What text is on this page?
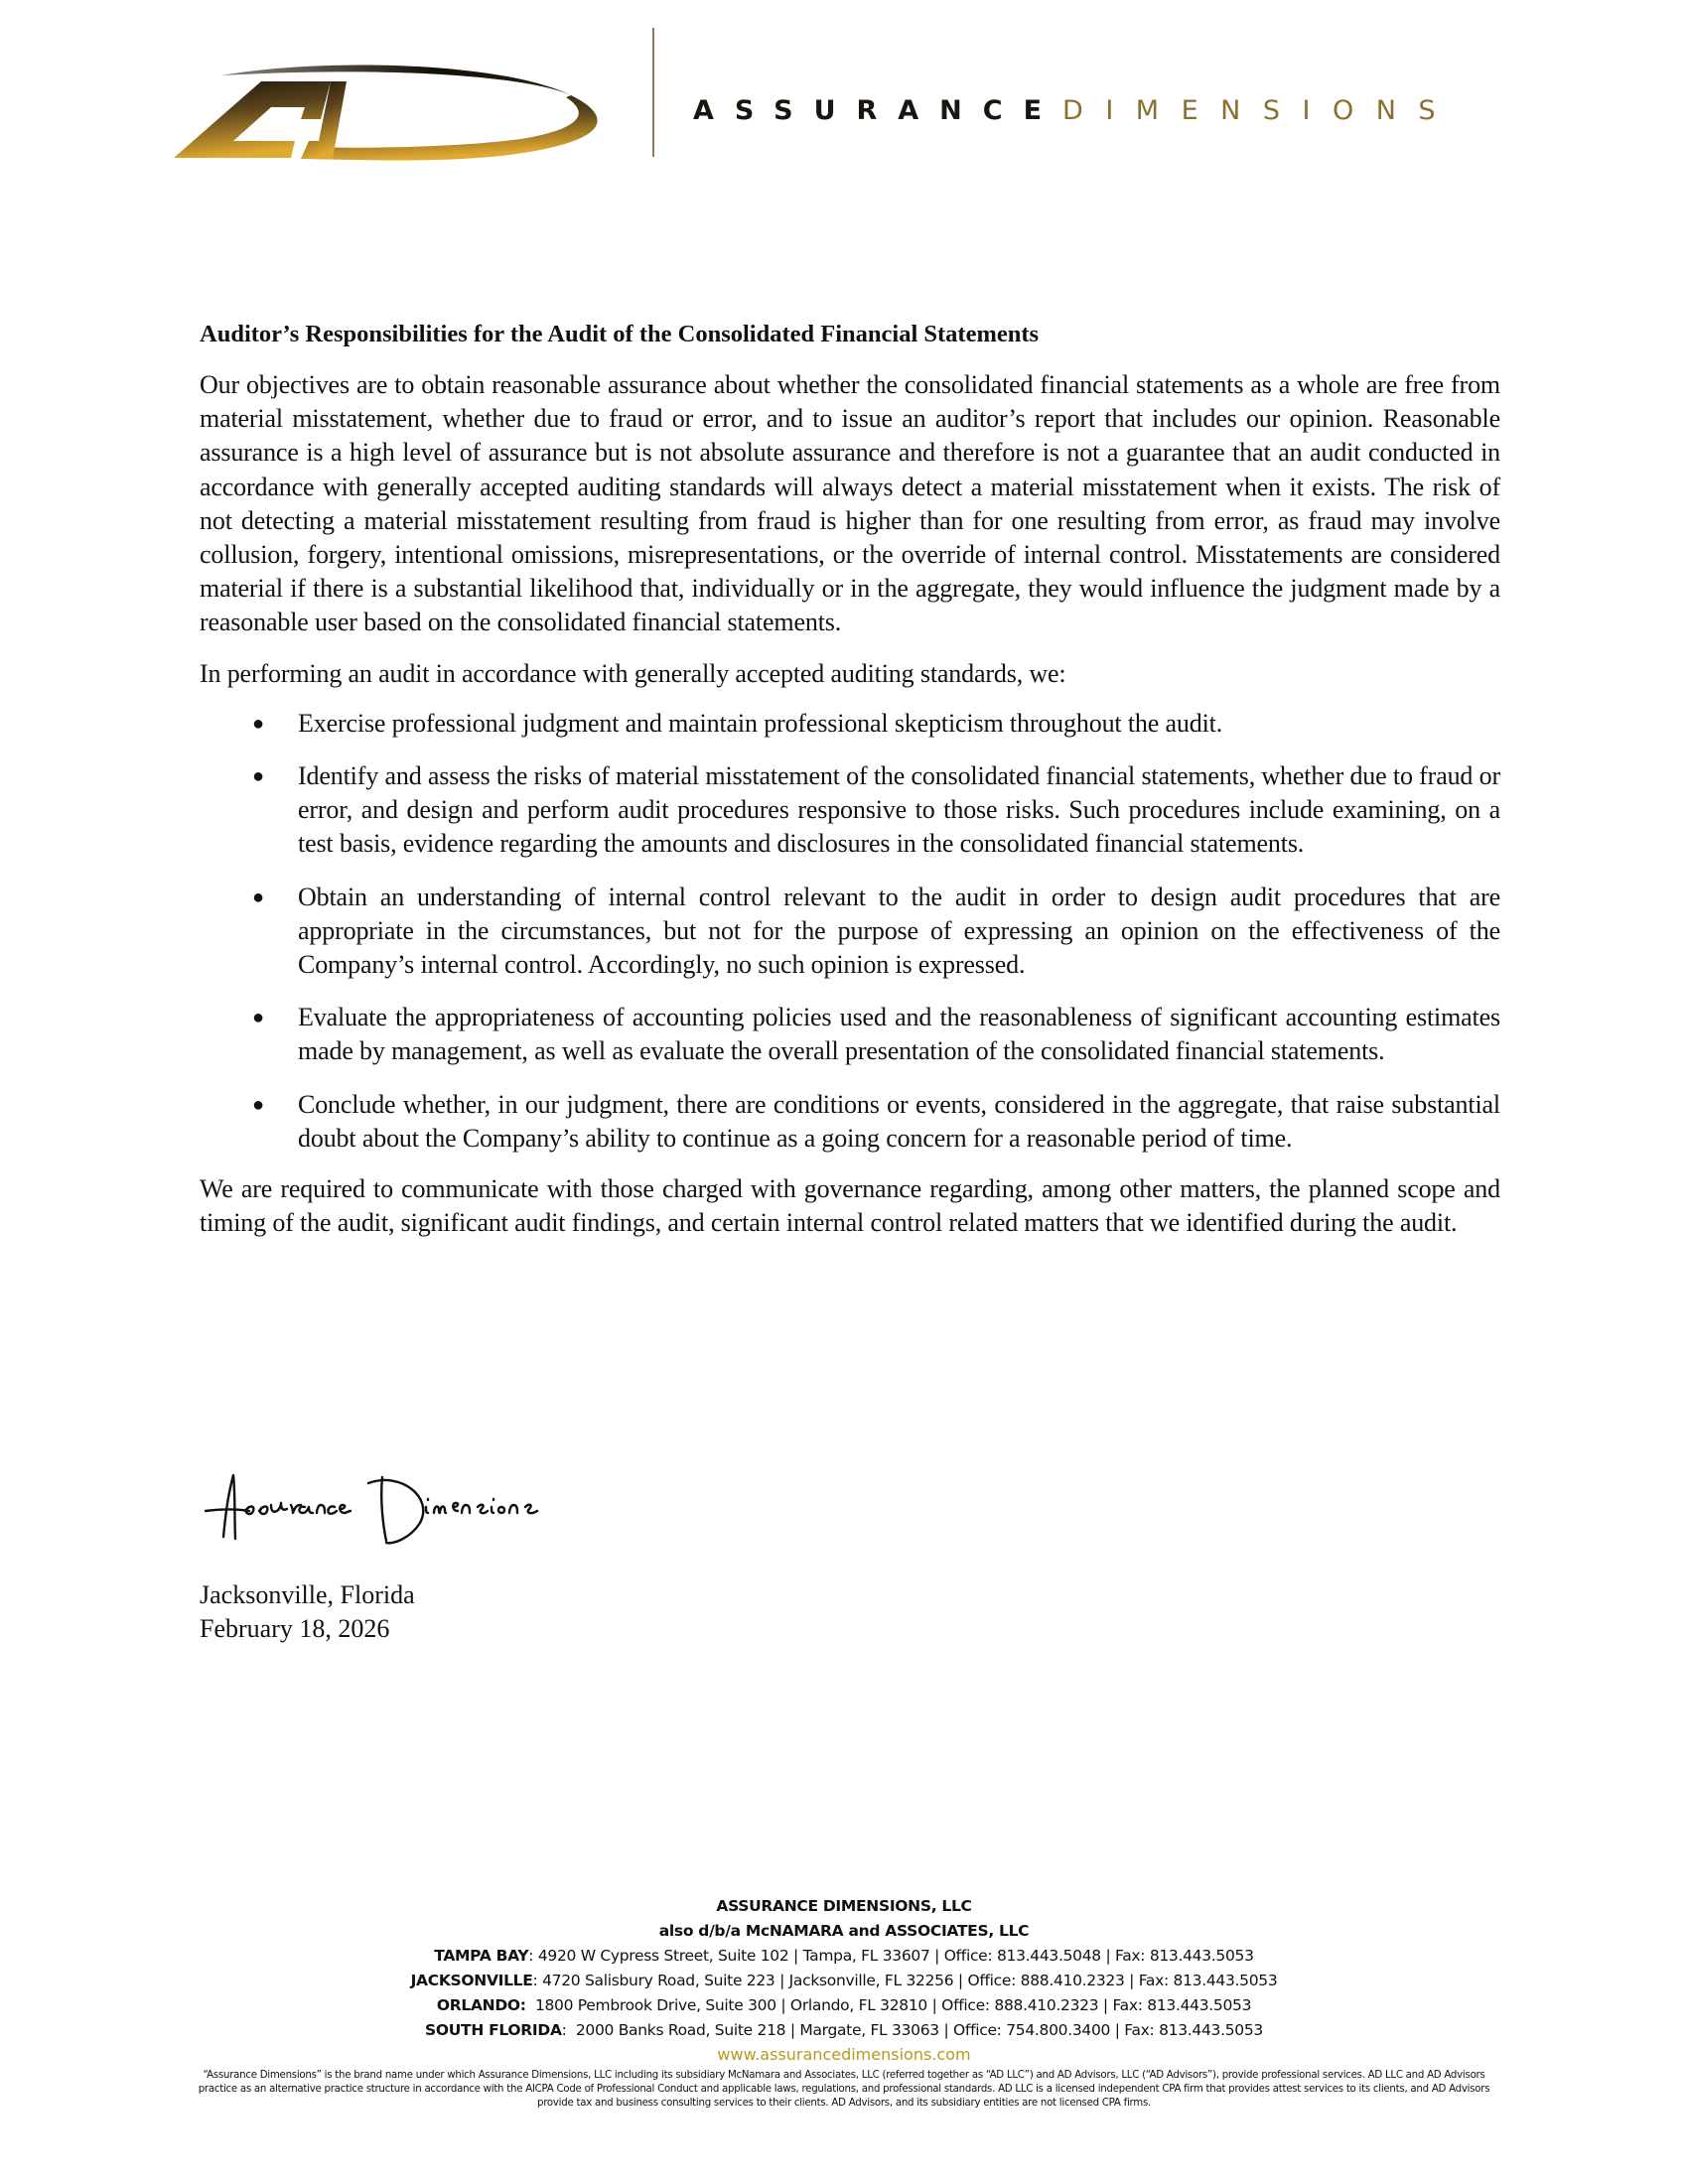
ASSURANCEDIMENSIONS
Auditor’s Responsibilities for the Audit of the Consolidated Financial Statements

Our objectives are to obtain reasonable assurance about whether the consolidated financial statements as a whole are free from material misstatement, whether due to fraud or error, and to issue an auditor’s report that includes our opinion. Reasonable assurance is a high level of assurance but is not absolute assurance and therefore is not a guarantee that an audit conducted in accordance with generally accepted auditing standards will always detect a material misstatement when it exists. The risk of not detecting a material misstatement resulting from fraud is higher than for one resulting from error, as fraud may involve collusion, forgery, intentional omissions, misrepresentations, or the override of internal control. Misstatements are considered material if there is a substantial likelihood that, individually or in the aggregate, they would influence the judgment made by a reasonable user based on the consolidated financial statements.

In performing an audit in accordance with generally accepted auditing standards, we:

● Exercise professional judgment and maintain professional skepticism throughout the audit.
● Identify and assess the risks of material misstatement of the consolidated financial statements, whether due to fraud or error, and design and perform audit procedures responsive to those risks. Such procedures include examining, on a test basis, evidence regarding the amounts and disclosures in the consolidated financial statements.
● Obtain an understanding of internal control relevant to the audit in order to design audit procedures that are appropriate in the circumstances, but not for the purpose of expressing an opinion on the effectiveness of the Company’s internal control. Accordingly, no such opinion is expressed.
● Evaluate the appropriateness of accounting policies used and the reasonableness of significant accounting estimates made by management, as well as evaluate the overall presentation of the consolidated financial statements.
● Conclude whether, in our judgment, there are conditions or events, considered in the aggregate, that raise substantial doubt about the Company’s ability to continue as a going concern for a reasonable period of time.

We are required to communicate with those charged with governance regarding, among other matters, the planned scope and timing of the audit, significant audit findings, and certain internal control related matters that we identified during the audit.

Jacksonville, Florida
February 18, 2026
ASSURANCE DIMENSIONS, LLC
also d/b/a McNAMARA and ASSOCIATES, LLC
TAMPA BAY: 4920 W Cypress Street, Suite 102 | Tampa, FL 33607 | Office: 813.443.5048 | Fax: 813.443.5053
JACKSONVILLE: 4720 Salisbury Road, Suite 223 | Jacksonville, FL 32256 | Office: 888.410.2323 | Fax: 813.443.5053
ORLANDO: 1800 Pembrook Drive, Suite 300 | Orlando, FL 32810 | Office: 888.410.2323 | Fax: 813.443.5053
SOUTH FLORIDA:  2000 Banks Road, Suite 218 | Margate, FL 33063 | Office: 754.800.3400 | Fax: 813.443.5053
www.assurancedimensions.com
“Assurance Dimensions” is the brand name under which Assurance Dimensions, LLC including its subsidiary McNamara and Associates, LLC (referred together as “AD LLC”) and AD Advisors, LLC (“AD Advisors”), provide professional services. AD LLC and AD Advisors practice as an alternative practice structure in accordance with the AICPA Code of Professional Conduct and applicable laws, regulations, and professional standards. AD LLC is a licensed independent CPA firm that provides attest services to its clients, and AD Advisors provide tax and business consulting services to their clients. AD Advisors, and its subsidiary entities are not licensed CPA firms.
